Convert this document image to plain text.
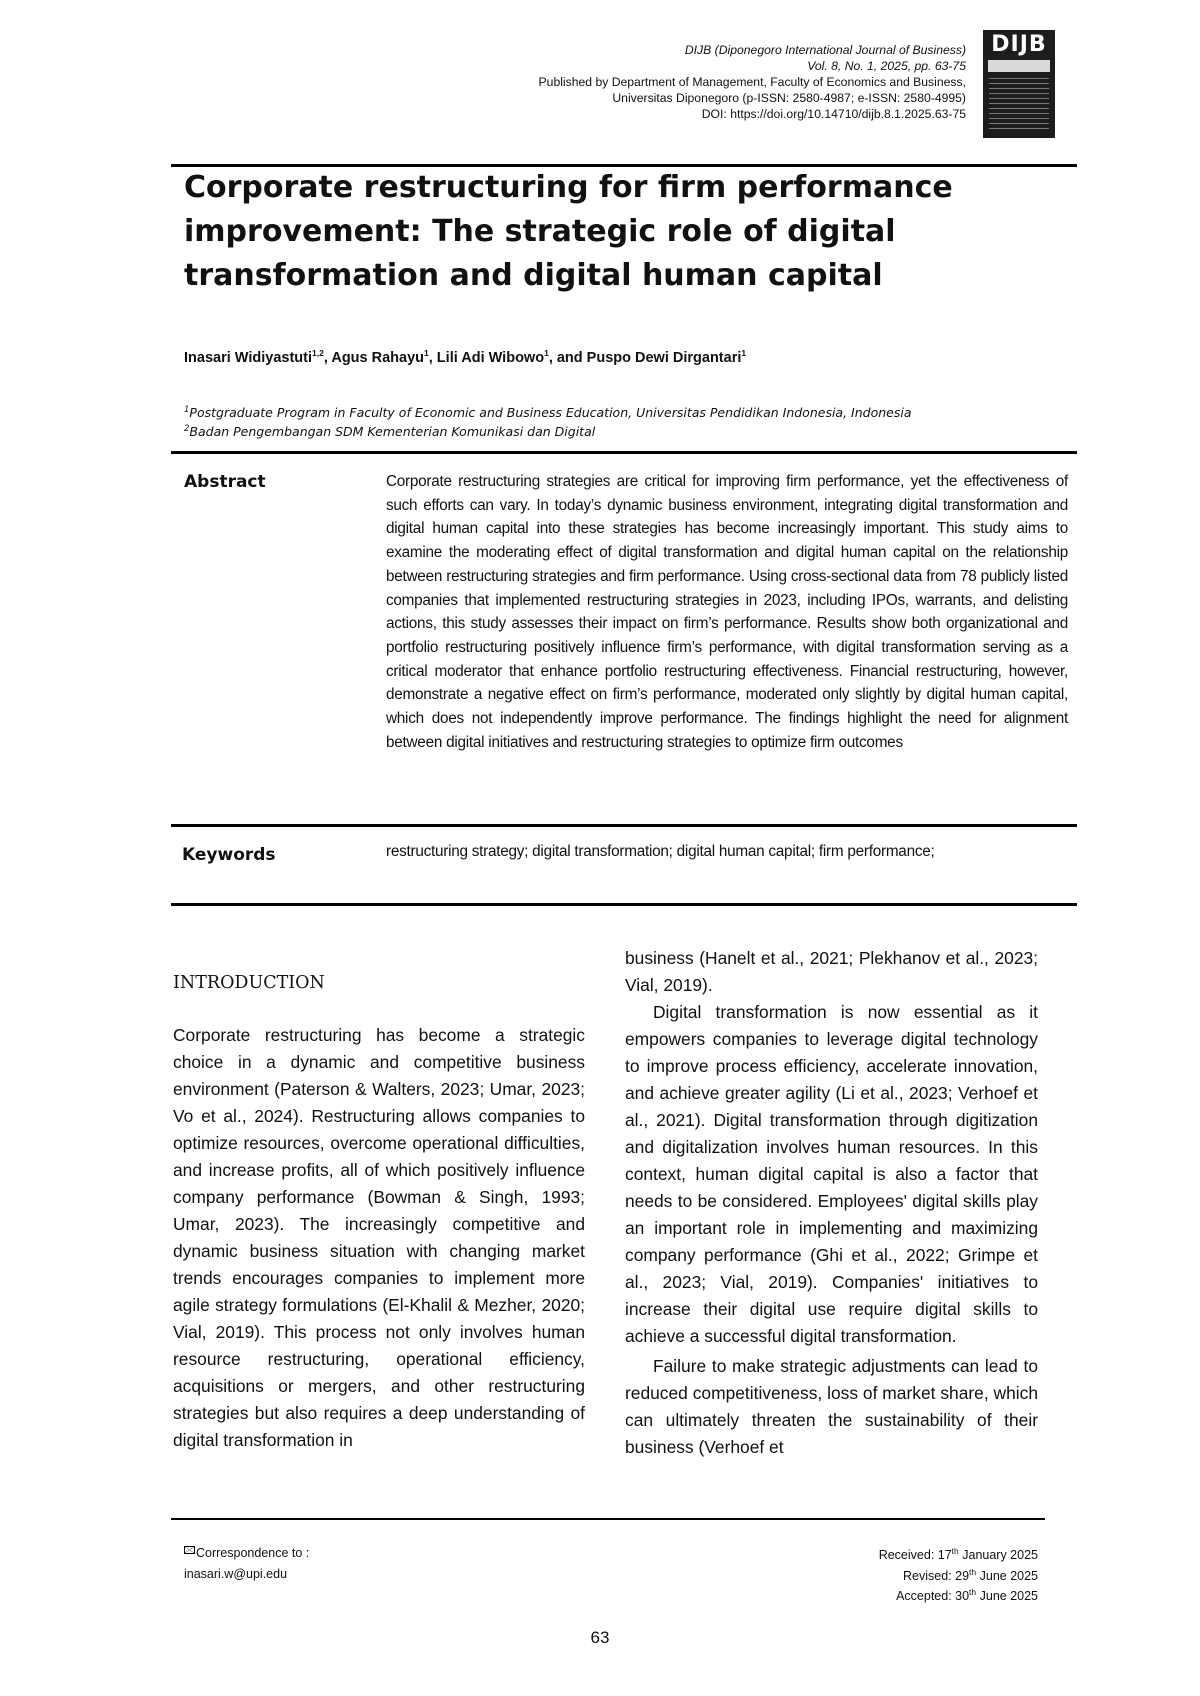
DIJB (Diponegoro International Journal of Business)
Vol. 8, No. 1, 2025, pp. 63-75
Published by Department of Management, Faculty of Economics and Business,
Universitas Diponegoro (p-ISSN: 2580-4987; e-ISSN: 2580-4995)
DOI: https://doi.org/10.14710/dijb.8.1.2025.63-75
DIJB
Corporate restructuring for firm performance improvement: The strategic role of digital transformation and digital human capital
Inasari Widiyastuti$^{1,2}$, Agus Rahayu$^1$, Lili Adi Wibowo$^1$, and Puspo Dewi Dirgantari$^1$
$^1$Postgraduate Program in Faculty of Economic and Business Education, Universitas Pendidikan Indonesia, Indonesia
$^2$Badan Pengembangan SDM Kementerian Komunikasi dan Digital
Abstract	Corporate restructuring strategies are critical for improving firm performance, yet the effectiveness of such efforts can vary. In today’s dynamic business environment, integrating digital transformation and digital human capital into these strategies has become increasingly important. This study aims to examine the moderating effect of digital transformation and digital human capital on the relationship between restructuring strategies and firm performance. Using cross-sectional data from 78 publicly listed companies that implemented restructuring strategies in 2023, including IPOs, warrants, and delisting actions, this study assesses their impact on firm’s performance. Results show both organizational and portfolio restructuring positively influence firm’s performance, with digital transformation serving as a critical moderator that enhance portfolio restructuring effectiveness. Financial restructuring, however, demonstrate a negative effect on firm’s performance, moderated only slightly by digital human capital, which does not independently improve performance. The findings highlight the need for alignment between digital initiatives and restructuring strategies to optimize firm outcomes
Keywords	restructuring strategy; digital transformation; digital human capital; firm performance;
INTRODUCTION

Corporate restructuring has become a strategic choice in a dynamic and competitive business environment (Paterson & Walters, 2023; Umar, 2023; Vo et al., 2024). Restructuring allows companies to optimize resources, overcome operational difficulties, and increase profits, all of which positively influence company performance (Bowman & Singh, 1993; Umar, 2023). The increasingly competitive and dynamic business situation with changing market trends encourages companies to implement more agile strategy formulations (El-Khalil & Mezher, 2020; Vial, 2019). This process not only involves human resource restructuring, operational efficiency, acquisitions or mergers, and other restructuring strategies but also requires a deep understanding of digital transformation in

business (Hanelt et al., 2021; Plekhanov et al., 2023; Vial, 2019).

Digital transformation is now essential as it empowers companies to leverage digital technology to improve process efficiency, accelerate innovation, and achieve greater agility (Li et al., 2023; Verhoef et al., 2021). Digital transformation through digitization and digitalization involves human resources. In this context, human digital capital is also a factor that needs to be considered. Employees' digital skills play an important role in implementing and maximizing company performance (Ghi et al., 2022; Grimpe et al., 2023; Vial, 2019). Companies' initiatives to increase their digital use require digital skills to achieve a successful digital transformation.

Failure to make strategic adjustments can lead to reduced competitiveness, loss of market share, which can ultimately threaten the sustainability of their business (Verhoef et

Correspondence to :
inasari.w@upi.edu
Received: 17th January 2025
Revised: 29th June 2025
Accepted: 30th June 2025
63
